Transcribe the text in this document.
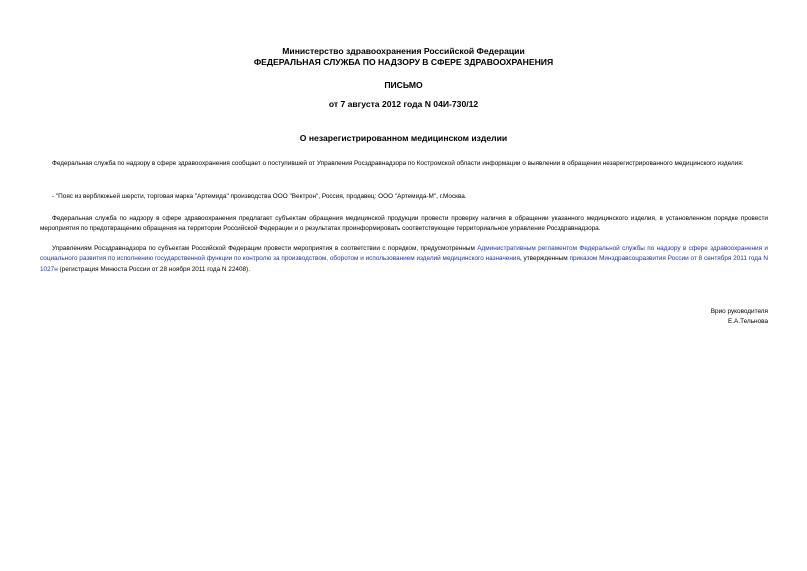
Министерство здравоохранения Российской Федерации
ФЕДЕРАЛЬНАЯ СЛУЖБА ПО НАДЗОРУ В СФЕРЕ ЗДРАВООХРАНЕНИЯ
ПИСЬМО
от 7 августа 2012 года N 04И-730/12
О незарегистрированном медицинском изделии
Федеральная служба по надзору в сфере здравоохранения сообщает о поступившей от Управления Росздравнадзора по Костромской области информации о выявлении в обращении незарегистрированного медицинского изделия:
- "Пояс из верблюжьей шерсти, торговая марка "Артемида" производства ООО "Вектрон", Россия, продавец: ООО "Артемида-М", г.Москва.
Федеральная служба по надзору в сфере здравоохранения предлагает субъектам обращения медицинской продукции провести проверку наличия в обращении указанного медицинского изделия, в установленном порядке провести мероприятия по предотвращению обращения на территории Российской Федерации и о результатах проинформировать соответствующее территориальное управление Росздравнадзора.
Управлениям Росздравнадзора по субъектам Российской Федерации провести мероприятия в соответствии с порядком, предусмотренным Административным регламентом Федеральной службы по надзору в сфере здравоохранения и социального развития по исполнению государственной функции по контролю за производством, оборотом и использованием изделий медицинского назначения, утвержденным приказом Минздравсоцразвития России от 8 сентября 2011 года N 1027н (регистрация Минюста России от 28 ноября 2011 года N 22408).
Врио руководителя
Е.А.Тельнова
